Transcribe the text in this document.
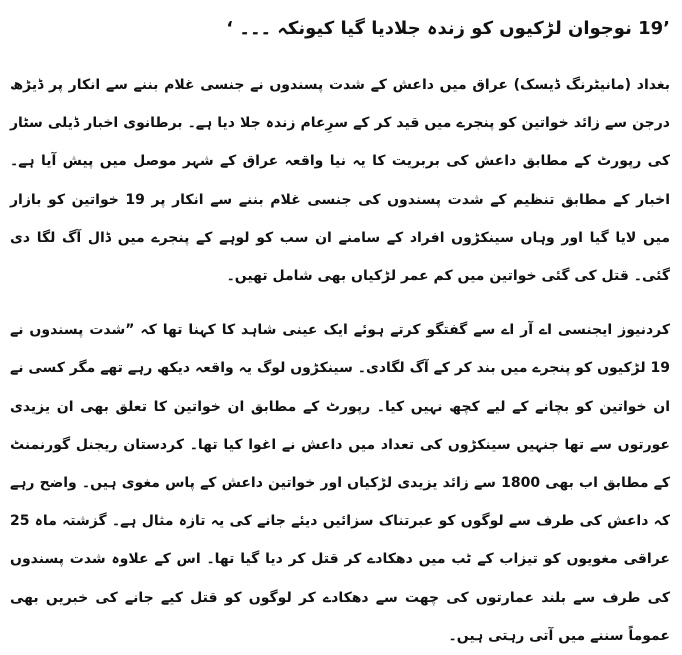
’19 نوجوان لڑکیوں کو زندہ جلادیا گیا کیونکہ ۔۔۔ ‘

بغداد (مانیٹرنگ ڈیسک) عراق میں داعش کے شدت پسندوں نے جنسی غلام بننے سے انکار پر ڈیڑھ درجن سے زائد خواتین کو پنجرے میں قید کر کے سرِعام زندہ جلا دیا ہے۔ برطانوی اخبار ڈیلی سٹار کی رپورٹ کے مطابق داعش کی بربریت کا یہ نیا واقعہ عراق کے شہر موصل میں پیش آیا ہے۔ اخبار کے مطابق تنظیم کے شدت پسندوں کی جنسی غلام بننے سے انکار پر 19 خواتین کو بازار میں لایا گیا اور وہاں سینکڑوں افراد کے سامنے ان سب کو لوہے کے پنجرے میں ڈال آگ لگا دی گئی۔ قتل کی گئی خواتین میں کم عمر لڑکیاں بھی شامل تھیں۔

کردنیوز ایجنسی اے آر اے سے گفتگو کرتے ہوئے ایک عینی شاہد کا کہنا تھا کہ ”شدت پسندوں نے 19 لڑکیوں کو پنجرے میں بند کر کے آگ لگادی۔ سینکڑوں لوگ یہ واقعہ دیکھ رہے تھے مگر کسی نے ان خواتین کو بچانے کے لیے کچھ نہیں کیا۔ رپورٹ کے مطابق ان خواتین کا تعلق بھی ان یزیدی عورتوں سے تھا جنہیں سینکڑوں کی تعداد میں داعش نے اغوا کیا تھا۔ کردستان ریجنل گورنمنٹ کے مطابق اب بھی 1800 سے زائد یزیدی لڑکیاں اور خواتین داعش کے پاس مغوی ہیں۔ واضح رہے کہ داعش کی طرف سے لوگوں کو عبرتناک سزائیں دیئے جانے کی یہ تازہ مثال ہے۔ گزشتہ ماہ 25 عراقی مغویوں کو تیزاب کے ٹب میں دھکادے کر قتل کر دیا گیا تھا۔ اس کے علاوہ شدت پسندوں کی طرف سے بلند عمارتوں کی چھت سے دھکادے کر لوگوں کو قتل کیے جانے کی خبریں بھی عموماً سننے میں آتی رہتی ہیں۔
